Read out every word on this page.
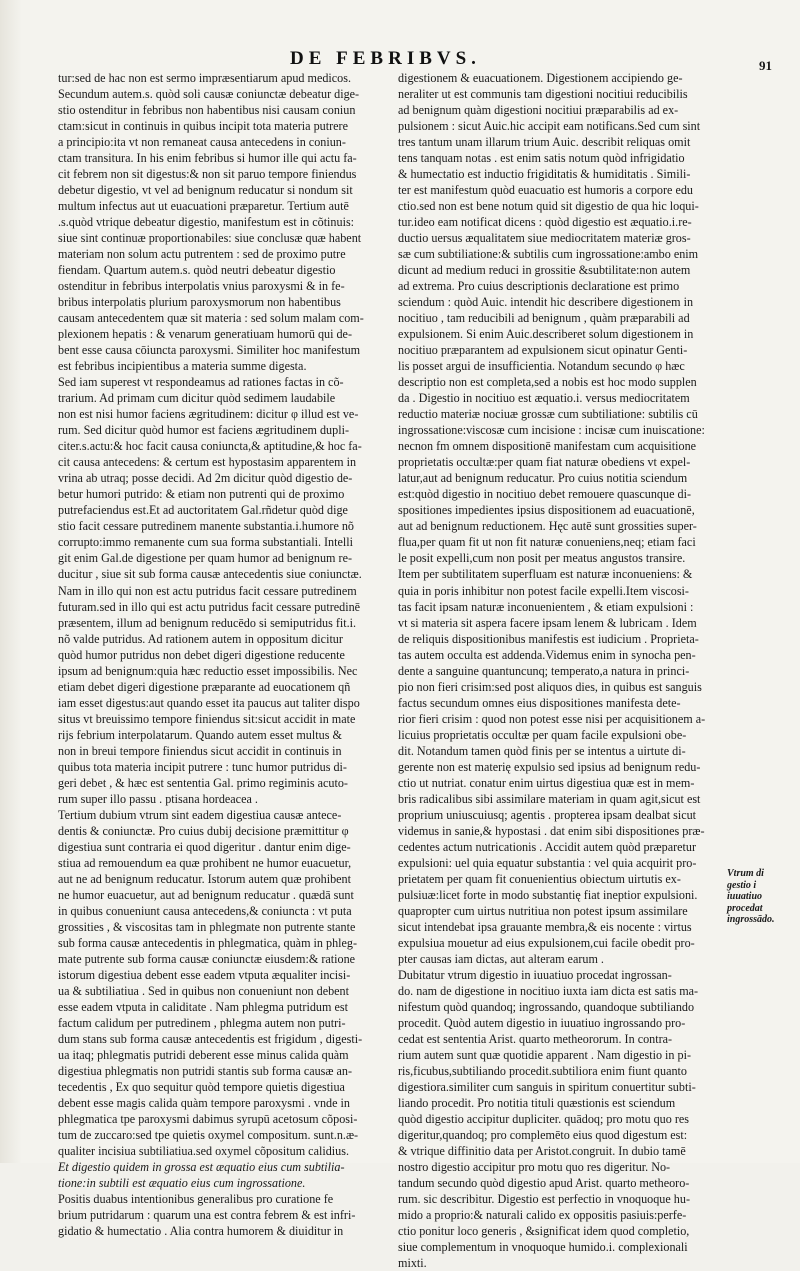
DE FEBRIBVS.	91
tur:sed de hac non est sermo impræsentiarum apud medicos.
Secundum autem.s. quòd soli causæ coniunctæ debeatur dige-
stio ostenditur in febribus non habentibus nisi causam coniun
ctam:sicut in continuis in quibus incipit tota materia putrere
a principio:ita vt non remaneat causa antecedens in coniun-
ctam transitura. In his enim febribus si humor ille qui actu fa-
cit febrem non sit digestus:& non sit paruo tempore finiendus
debetur digestio, vt vel ad benignum reducatur si nondum sit
multum infectus aut ut euacuationi præparetur. Tertium autē
.s.quòd vtrique debeatur digestio, manifestum est in cõtinuis:
siue sint continuæ proportionabiles: siue conclusæ quæ habent
materiam non solum actu putrentem : sed de proximo putre
fiendam. Quartum autem.s. quòd neutri debeatur digestio
ostenditur in febribus interpolatis vnius paroxysmi & in fe-
bribus interpolatis plurium paroxysmorum non habentibus
causam antecedentem quæ sit materia : sed solum malam com-
plexionem hepatis : & venarum generatiuam humorū qui de-
bent esse causa cōiuncta paroxysmi. Similiter hoc manifestum
est febribus incipientibus a materia summe digesta.
Sed iam superest vt respondeamus ad rationes factas in cõ-
trarium. Ad primam cum dicitur quòd sedimem laudabile
non est nisi humor faciens ægritudinem: dicitur φ illud est ve-
rum. Sed dicitur quòd humor est faciens ægritudinem dupli-
citer.s.actu:& hoc facit causa coniuncta,& aptitudine,& hoc fa-
cit causa antecedens: & certum est hypostasim apparentem in
vrina ab utraq; posse decidi. Ad 2m dicitur quòd digestio de-
betur humori putrido: & etiam non putrenti qui de proximo
putrefaciendus est.Et ad auctoritatem Gal.rñdetur quòd dige
stio facit cessare putredinem manente substantia.i.humore nõ
corrupto:immo remanente cum sua forma substantiali. Intelli
git enim Gal.de digestione per quam humor ad benignum re-
ducitur , siue sit sub forma causæ antecedentis siue coniunctæ.
Nam in illo qui non est actu putridus facit cessare putredinem
futuram.sed in illo qui est actu putridus facit cessare putredinē
præsentem, illum ad benignum reducēdo si semiputridus fit.i.
nõ valde putridus. Ad rationem autem in oppositum dicitur
quòd humor putridus non debet digeri digestione reducente
ipsum ad benignum:quia hæc reductio esset impossibilis. Nec
etiam debet digeri digestione præparante ad euocationem qñ
iam esset digestus:aut quando esset ita paucus aut taliter dispo
situs vt breuissimo tempore finiendus sit:sicut accidit in mate
rijs febrium interpolatarum. Quando autem esset multus &
non in breui tempore finiendus sicut accidit in continuis in
quibus tota materia incipit putrere : tunc humor putridus di-
geri debet , & hæc est sententia Gal. primo regiminis acuto-
rum super illo passu . ptisana hordeacea .
Tertium dubium vtrum sint eadem digestiua causæ antece-
dentis & coniunctæ. Pro cuius dubij decisione præmittitur φ
digestiua sunt contraria ei quod digeritur . dantur enim dige-
stiua ad remouendum ea quæ prohibent ne humor euacuetur,
aut ne ad benignum reducatur. Istorum autem quæ prohibent
ne humor euacuetur, aut ad benignum reducatur . quædā sunt
in quibus conueniunt causa antecedens,& coniuncta : vt puta
grossities , & viscositas tam in phlegmate non putrente stante
sub forma causæ antecedentis in phlegmatica, quàm in phleg-
mate putrente sub forma causæ coniunctæ eiusdem:& ratione
istorum digestiua debent esse eadem vtputa æqualiter incisi-
ua & subtiliatiua . Sed in quibus non conueniunt non debent
esse eadem vtputa in caliditate . Nam phlegma putridum est
factum calidum per putredinem , phlegma autem non putri-
dum stans sub forma causæ antecedentis est frigidum , digesti-
ua itaq; phlegmatis putridi deberent esse minus calida quàm
digestiua phlegmatis non putridi stantis sub forma causæ an-
tecedentis , Ex quo sequitur quòd tempore quietis digestiua
debent esse magis calida quàm tempore paroxysmi . vnde in
phlegmatica tpe paroxysmi dabimus syrupū acetosum cõposi-
tum de zuccaro:sed tpe quietis oxymel compositum. sunt.n.æ-
qualiter incisiua subtiliatiua.sed oxymel cõpositum calidius.
Et digestio quidem in grossa est æquatio eius cum subtilia-
tione:in subtili est æquatio eius cum ingrossatione.
Positis duabus intentionibus generalibus pro curatione fe
brium putridarum : quarum una est contra febrem & est infri-
gidatio & humectatio . Alia contra humorem & diuiditur in
digestionem & euacuationem. Digestionem accipiendo ge-
neraliter ut est communis tam digestioni nocitiui reducibilis
ad benignum quàm digestioni nocitiui præparabilis ad ex-
pulsionem : sicut Auic.hic accipit eam notificans.Sed cum sint
tres tantum unam illarum trium Auic. describit reliquas omit
tens tanquam notas . est enim satis notum quòd infrigidatio
& humectatio est inductio frigiditatis & humiditatis . Simili-
ter est manifestum quòd euacuatio est humoris a corpore edu
ctio.sed non est bene notum quid sit digestio de qua hic loqui-
tur.ideo eam notificat dicens : quòd digestio est æquatio.i.re-
ductio uersus æqualitatem siue mediocritatem materiæ gros-
sæ cum subtiliatione:& subtilis cum ingrossatione:ambo enim
dicunt ad medium reduci in grossitie &subtilitate:non autem
ad extrema. Pro cuius descriptionis declaratione est primo
sciendum : quòd Auic. intendit hic describere digestionem in
nocitiuo , tam reducibili ad benignum , quàm præparabili ad
expulsionem. Si enim Auic.describeret solum digestionem in
nocitiuo præparantem ad expulsionem sicut opinatur Genti-
lis posset argui de insufficientia. Notandum secundo φ hæc
descriptio non est completa,sed a nobis est hoc modo supplen
da . Digestio in nocitiuo est æquatio.i. versus mediocritatem
reductio materiæ nociuæ grossæ cum subtiliatione: subtilis cū
ingrossatione:viscosæ cum incisione : incisæ cum inuiscatione:
necnon fm omnem dispositionē manifestam cum acquisitione
proprietatis occultæ:per quam fiat naturæ obediens vt expel-
latur,aut ad benignum reducatur. Pro cuius notitia sciendum
est:quòd digestio in nocitiuo debet remouere quascunque di-
spositiones impedientes ipsius dispositionem ad euacuationē,
aut ad benignum reductionem. Hęc autē sunt grossities super-
flua,per quam fit ut non fit naturæ conueniens,neq; etiam faci
le posit expelli,cum non posit per meatus angustos transire.
Item per subtilitatem superfluam est naturæ inconueniens: &
quia in poris inhibitur non potest facile expelli.Item viscosi-
tas facit ipsam naturæ inconuenientem , & etiam expulsioni :
vt si materia sit aspera facere ipsam lenem & lubricam . Idem
de reliquis dispositionibus manifestis est iudicium . Proprieta-
tas autem occulta est addenda.Videmus enim in synocha pen-
dente a sanguine quantuncunq; temperato,a natura in princi-
pio non fieri crisim:sed post aliquos dies, in quibus est sanguis
factus secundum omnes eius dispositiones manifesta dete-
rior fieri crisim : quod non potest esse nisi per acquisitionem a-
licuius proprietatis occultæ per quam facile expulsioni obe-
dit. Notandum tamen quòd finis per se intentus a uirtute di-
gerente non est materię expulsio sed ipsius ad benignum redu-
ctio ut nutriat. conatur enim uirtus digestiua quæ est in mem-
bris radicalibus sibi assimilare materiam in quam agit,sicut est
proprium uniuscuiusq; agentis . propterea ipsam dealbat sicut
videmus in sanie,& hypostasi . dat enim sibi dispositiones præ-
cedentes actum nutricationis . Accidit autem quòd præparetur
expulsioni: uel quia equatur substantia : vel quia acquirit pro-
prietatem per quam fit conuenientius obiectum uirtutis ex-
pulsiuæ:licet forte in modo substantię fiat ineptior expulsioni.
quapropter cum uirtus nutritiua non potest ipsum assimilare
sicut intendebat ipsa grauante membra,& eis nocente : virtus
expulsiua mouetur ad eius expulsionem,cui facile obedit pro-
pter causas iam dictas, aut alteram earum .
Dubitatur vtrum digestio in iuuatiuo procedat ingrossan-
do. nam de digestione in nocitiuo iuxta iam dicta est satis ma-
nifestum quòd quandoq; ingrossando, quandoque subtiliando
procedit. Quòd autem digestio in iuuatiuo ingrossando pro-
cedat est sententia Arist. quarto metheororum. In contra-
rium autem sunt quæ quotidie apparent . Nam digestio in pi-
ris,ficubus,subtiliando procedit.subtiliora enim fiunt quanto
digestiora.similiter cum sanguis in spiritum conuertitur subti-
liando procedit. Pro notitia tituli quæstionis est sciendum
quòd digestio accipitur dupliciter. quādoq; pro motu quo res
digeritur,quandoq; pro complemēto eius quod digestum est:
& vtrique diffinitio data per Aristot.congruit. In dubio tamē
nostro digestio accipitur pro motu quo res digeritur. No-
tandum secundo quòd digestio apud Arist. quarto metheoro-
rum. sic describitur. Digestio est perfectio in vnoquoque hu-
mido a proprio:& naturali calido ex oppositis pasiuis:perfe-
ctio ponitur loco generis , &significat idem quod completio,
siue complementum in vnoquoque humido.i. complexionali
mixti.
Vtrum di gestio i iuuatiuo procedat ingrossādo.
